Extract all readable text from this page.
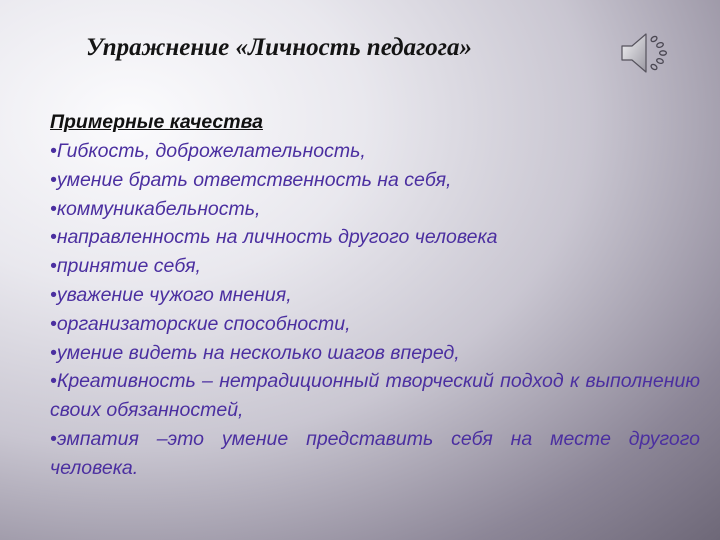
Упражнение «Личность педагога»
Примерные качества
•Гибкость, доброжелательность,
•умение брать ответственность на себя,
•коммуникабельность,
•направленность на личность другого человека
•принятие себя,
•уважение чужого мнения,
•организаторские способности,
•умение видеть на несколько шагов вперед,
•Креативность – нетрадиционный творческий подход к выполнению своих обязанностей,
•эмпатия –это умение представить себя на месте другого человека.
